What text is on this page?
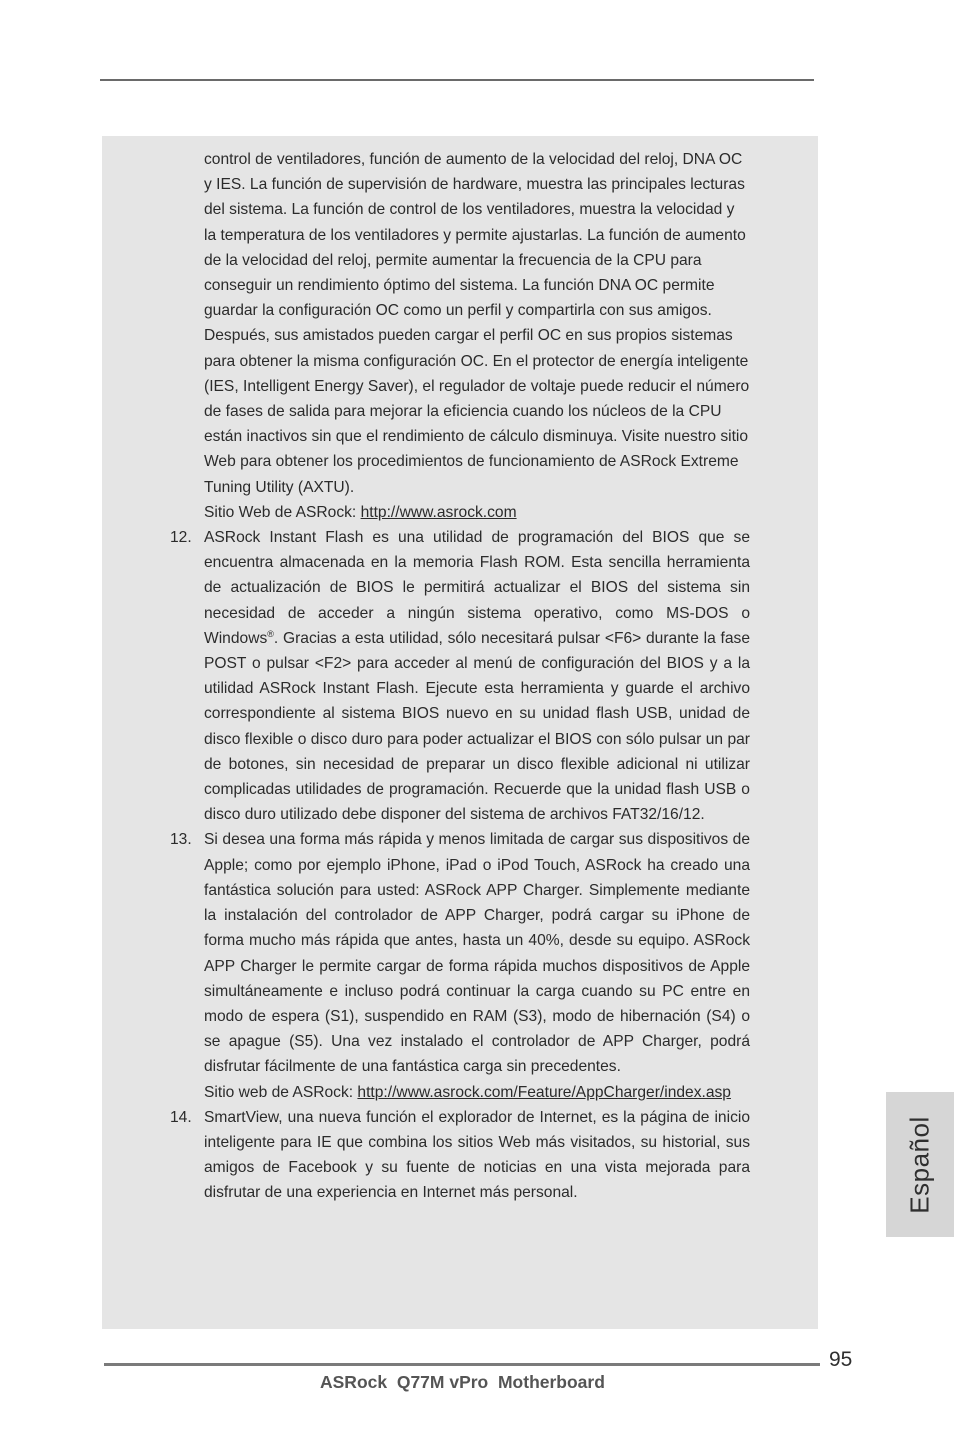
control de ventiladores, función de aumento de la velocidad del reloj, DNA OC y IES. La función de supervisión de hardware, muestra las principales lecturas del sistema. La función de control de los ventiladores, muestra la velocidad y la temperatura de los ventiladores y permite ajustarlas. La función de aumento de la velocidad del reloj, permite aumentar la frecuencia de la CPU para conseguir un rendimiento óptimo del sistema. La función DNA OC permite guardar la configuración OC como un perfil y compartirla con sus amigos. Después, sus amistados pueden cargar el perfil OC en sus propios sistemas para obtener la misma configuración OC. En el protector de energía inteligente (IES, Intelligent Energy Saver), el regulador de voltaje puede reducir el número de fases de salida para mejorar la eficiencia cuando los núcleos de la CPU están inactivos sin que el rendimiento de cálculo disminuya. Visite nuestro sitio Web para obtener los procedimientos de funcionamiento de ASRock Extreme Tuning Utility (AXTU).

Sitio Web de ASRock: http://www.asrock.com

12. ASRock Instant Flash es una utilidad de programación del BIOS que se encuentra almacenada en la memoria Flash ROM. Esta sencilla herramienta de actualización de BIOS le permitirá actualizar el BIOS del sistema sin necesidad de acceder a ningún sistema operativo, como MS-DOS o Windows®. Gracias a esta utilidad, sólo necesitará pulsar <F6> durante la fase POST o pulsar <F2> para acceder al menú de configuración del BIOS y a la utilidad ASRock Instant Flash. Ejecute esta herramienta y guarde el archivo correspondiente al sistema BIOS nuevo en su unidad flash USB, unidad de disco flexible o disco duro para poder actualizar el BIOS con sólo pulsar un par de botones, sin necesidad de preparar un disco flexible adicional ni utilizar complicadas utilidades de programación. Recuerde que la unidad flash USB o disco duro utilizado debe disponer del sistema de archivos FAT32/16/12.
13. Si desea una forma más rápida y menos limitada de cargar sus dispositivos de Apple; como por ejemplo iPhone, iPad o iPod Touch, ASRock ha creado una fantástica solución para usted: ASRock APP Charger. Simplemente mediante la instalación del controlador de APP Charger, podrá cargar su iPhone de forma mucho más rápida que antes, hasta un 40%, desde su equipo. ASRock APP Charger le permite cargar de forma rápida muchos dispositivos de Apple simultáneamente e incluso podrá continuar la carga cuando su PC entre en modo de espera (S1), suspendido en RAM (S3), modo de hibernación (S4) o se apague (S5). Una vez instalado el controlador de APP Charger, podrá disfrutar fácilmente de una fantástica carga sin precedentes.
Sitio web de ASRock: http://www.asrock.com/Feature/AppCharger/index.asp
14. SmartView, una nueva función el explorador de Internet, es la página de inicio inteligente para IE que combina los sitios Web más visitados, su historial, sus amigos de Facebook y su fuente de noticias en una vista mejorada para disfrutar de una experiencia en Internet más personal.	Español
95
ASRock  Q77M vPro  Motherboard
